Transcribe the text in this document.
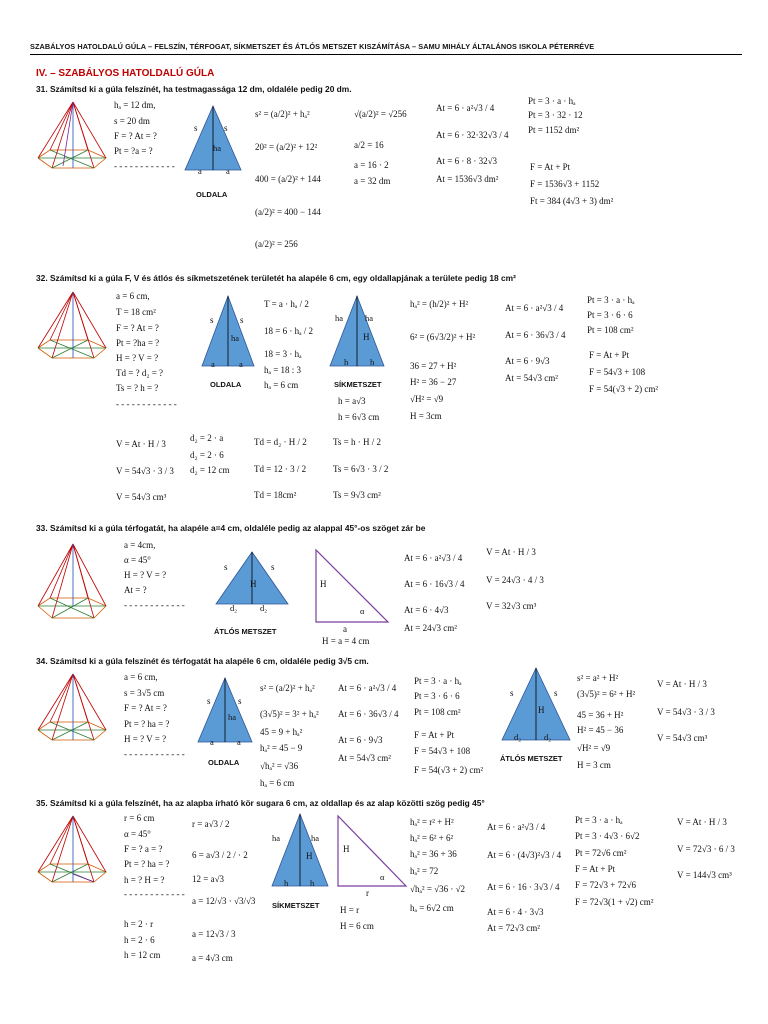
SZABÁLYOS HATOLDALÚ GÚLA – FELSZÍN, TÉRFOGAT, SÍKMETSZET ÉS ÁTLÓS METSZET KISZÁMÍTÁSA – SAMU MIHÁLY ÁLTALÁNOS ISKOLA PÉTERRÉVE
IV. – SZABÁLYOS HATOLDALÚ GÚLA
31. Számítsd ki a gúla felszínét, ha testmagassága 12 dm, oldaléle pedig 20 dm.
hₐ = 12 dm,
s = 20 dm
F = ? At = ?
Pt = ?a = ?
- - - - - - - - - - - -
s	s
ha
a	a
OLDALA
s² = (a/2)² + hₐ²
20² = (a/2)² + 12²
400 = (a/2)² + 144
(a/2)² = 400 − 144
(a/2)² = 256
√(a/2)² = √256
a/2 = 16
a = 16 · 2
a = 32 dm
At = 6 · a²√3 / 4
At = 6 · 32·32√3 / 4
At = 6 · 8 · 32√3
At = 1536√3 dm²
Pt = 3 · a · hₐ
Pt = 3 · 32 · 12
Pt = 1152 dm²
F = At + Pt
F = 1536√3 + 1152
Ft = 384 (4√3 + 3) dm²
32. Számítsd ki a gúla F, V és átlós és síkmetszetének területét ha alapéle 6 cm, egy oldallapjának a területe pedig 18 cm²
a = 6 cm,
T = 18 cm²
F = ? At = ?
Pt = ?ha = ?
H = ? V = ?
Td = ? d₂ = ?
Ts = ? h = ?
- - - - - - - - - - - -
s	s
ha
a	a
OLDALA
T = a · hₐ / 2
18 = 6 · hₐ / 2
18 = 3 · hₐ
hₐ = 18 : 3
hₐ = 6 cm
ha	ha
H
h	h
SÍKMETSZET
h = a√3
h = 6√3 cm
hₐ² = (h/2)² + H²
6² = (6√3/2)² + H²
36 = 27 + H²
H² = 36 − 27
√H² = √9
H = 3cm
At = 6 · a²√3 / 4
At = 6 · 36√3 / 4
At = 6 · 9√3
At = 54√3 cm²
Pt = 3 · a · hₐ
Pt = 3 · 6 · 6
Pt = 108 cm²
F = At + Pt
F = 54√3 + 108
F = 54(√3 + 2) cm²
V = At · H / 3
V = 54√3 · 3 / 3
V = 54√3 cm³
d₂ = 2 · a
d₂ = 2 · 6
d₂ = 12 cm
Td = d₂ · H / 2
Td = 12 · 3 / 2
Td = 18cm²
Ts = h · H / 2
Ts = 6√3 · 3 / 2
Ts = 9√3 cm²
33. Számítsd ki a gúla térfogatát, ha alapéle a=4 cm, oldaléle pedig az alappal 45°-os szöget zár be
a = 4cm,
α = 45°
H = ? V = ?
At = ?
- - - - - - - - - - - -
s	s
H
d₂	d₂
ÁTLÓS METSZET
H
α
a
H = a = 4 cm
At = 6 · a²√3 / 4
At = 6 · 16√3 / 4
At = 6 · 4√3
At = 24√3 cm²
V = At · H / 3
V = 24√3 · 4 / 3
V = 32√3 cm³
34. Számítsd ki a gúla felszínét és térfogatát ha alapéle 6 cm, oldaléle pedig 3√5 cm.
a = 6 cm,
s = 3√5 cm
F = ? At = ?
Pt = ? ha = ?
H = ? V = ?
- - - - - - - - - - - -
s	s
ha
a	a
OLDALA
s² = (a/2)² + hₐ²
(3√5)² = 3² + hₐ²
45 = 9 + hₐ²
hₐ² = 45 − 9
√hₐ² = √36
hₐ = 6 cm
At = 6 · a²√3 / 4
At = 6 · 36√3 / 4
At = 6 · 9√3
At = 54√3 cm²
Pt = 3 · a · hₐ
Pt = 3 · 6 · 6
Pt = 108 cm²
F = At + Pt
F = 54√3 + 108
F = 54(√3 + 2) cm²
s	s
H
d₂	d₂
ÁTLÓS METSZET
s² = a² + H²
(3√5)² = 6² + H²
45 = 36 + H²
H² = 45 − 36
√H² = √9
H = 3 cm
V = At · H / 3
V = 54√3 · 3 / 3
V = 54√3 cm³
35. Számítsd ki a gúla felszínét, ha az alapba írható kör sugara 6 cm, az oldallap és az alap közötti szög pedig 45°
r = 6 cm
α = 45°
F = ? a = ?
Pt = ? ha = ?
h = ? H = ?
- - - - - - - - - - - -
h = 2 · r
h = 2 · 6
h = 12 cm
r = a√3 / 2
6 = a√3 / 2 / · 2
12 = a√3
a = 12/√3 · √3/√3
a = 12√3 / 3
a = 4√3 cm
ha	ha
H
h	h
SÍKMETSZET
H
α
r
H = r
H = 6 cm
hₐ² = r² + H²
hₐ² = 6² + 6²
hₐ² = 36 + 36
hₐ² = 72
√hₐ² = √36 · √2
hₐ = 6√2 cm
At = 6 · a²√3 / 4
At = 6 · (4√3)²√3 / 4
At = 6 · 16 · 3√3 / 4
At = 6 · 4 · 3√3
At = 72√3 cm²
Pt = 3 · a · hₐ
Pt = 3 · 4√3 · 6√2
Pt = 72√6 cm²
F = At + Pt
F = 72√3 + 72√6
F = 72√3(1 + √2) cm²
V = At · H / 3
V = 72√3 · 6 / 3
V = 144√3 cm³
